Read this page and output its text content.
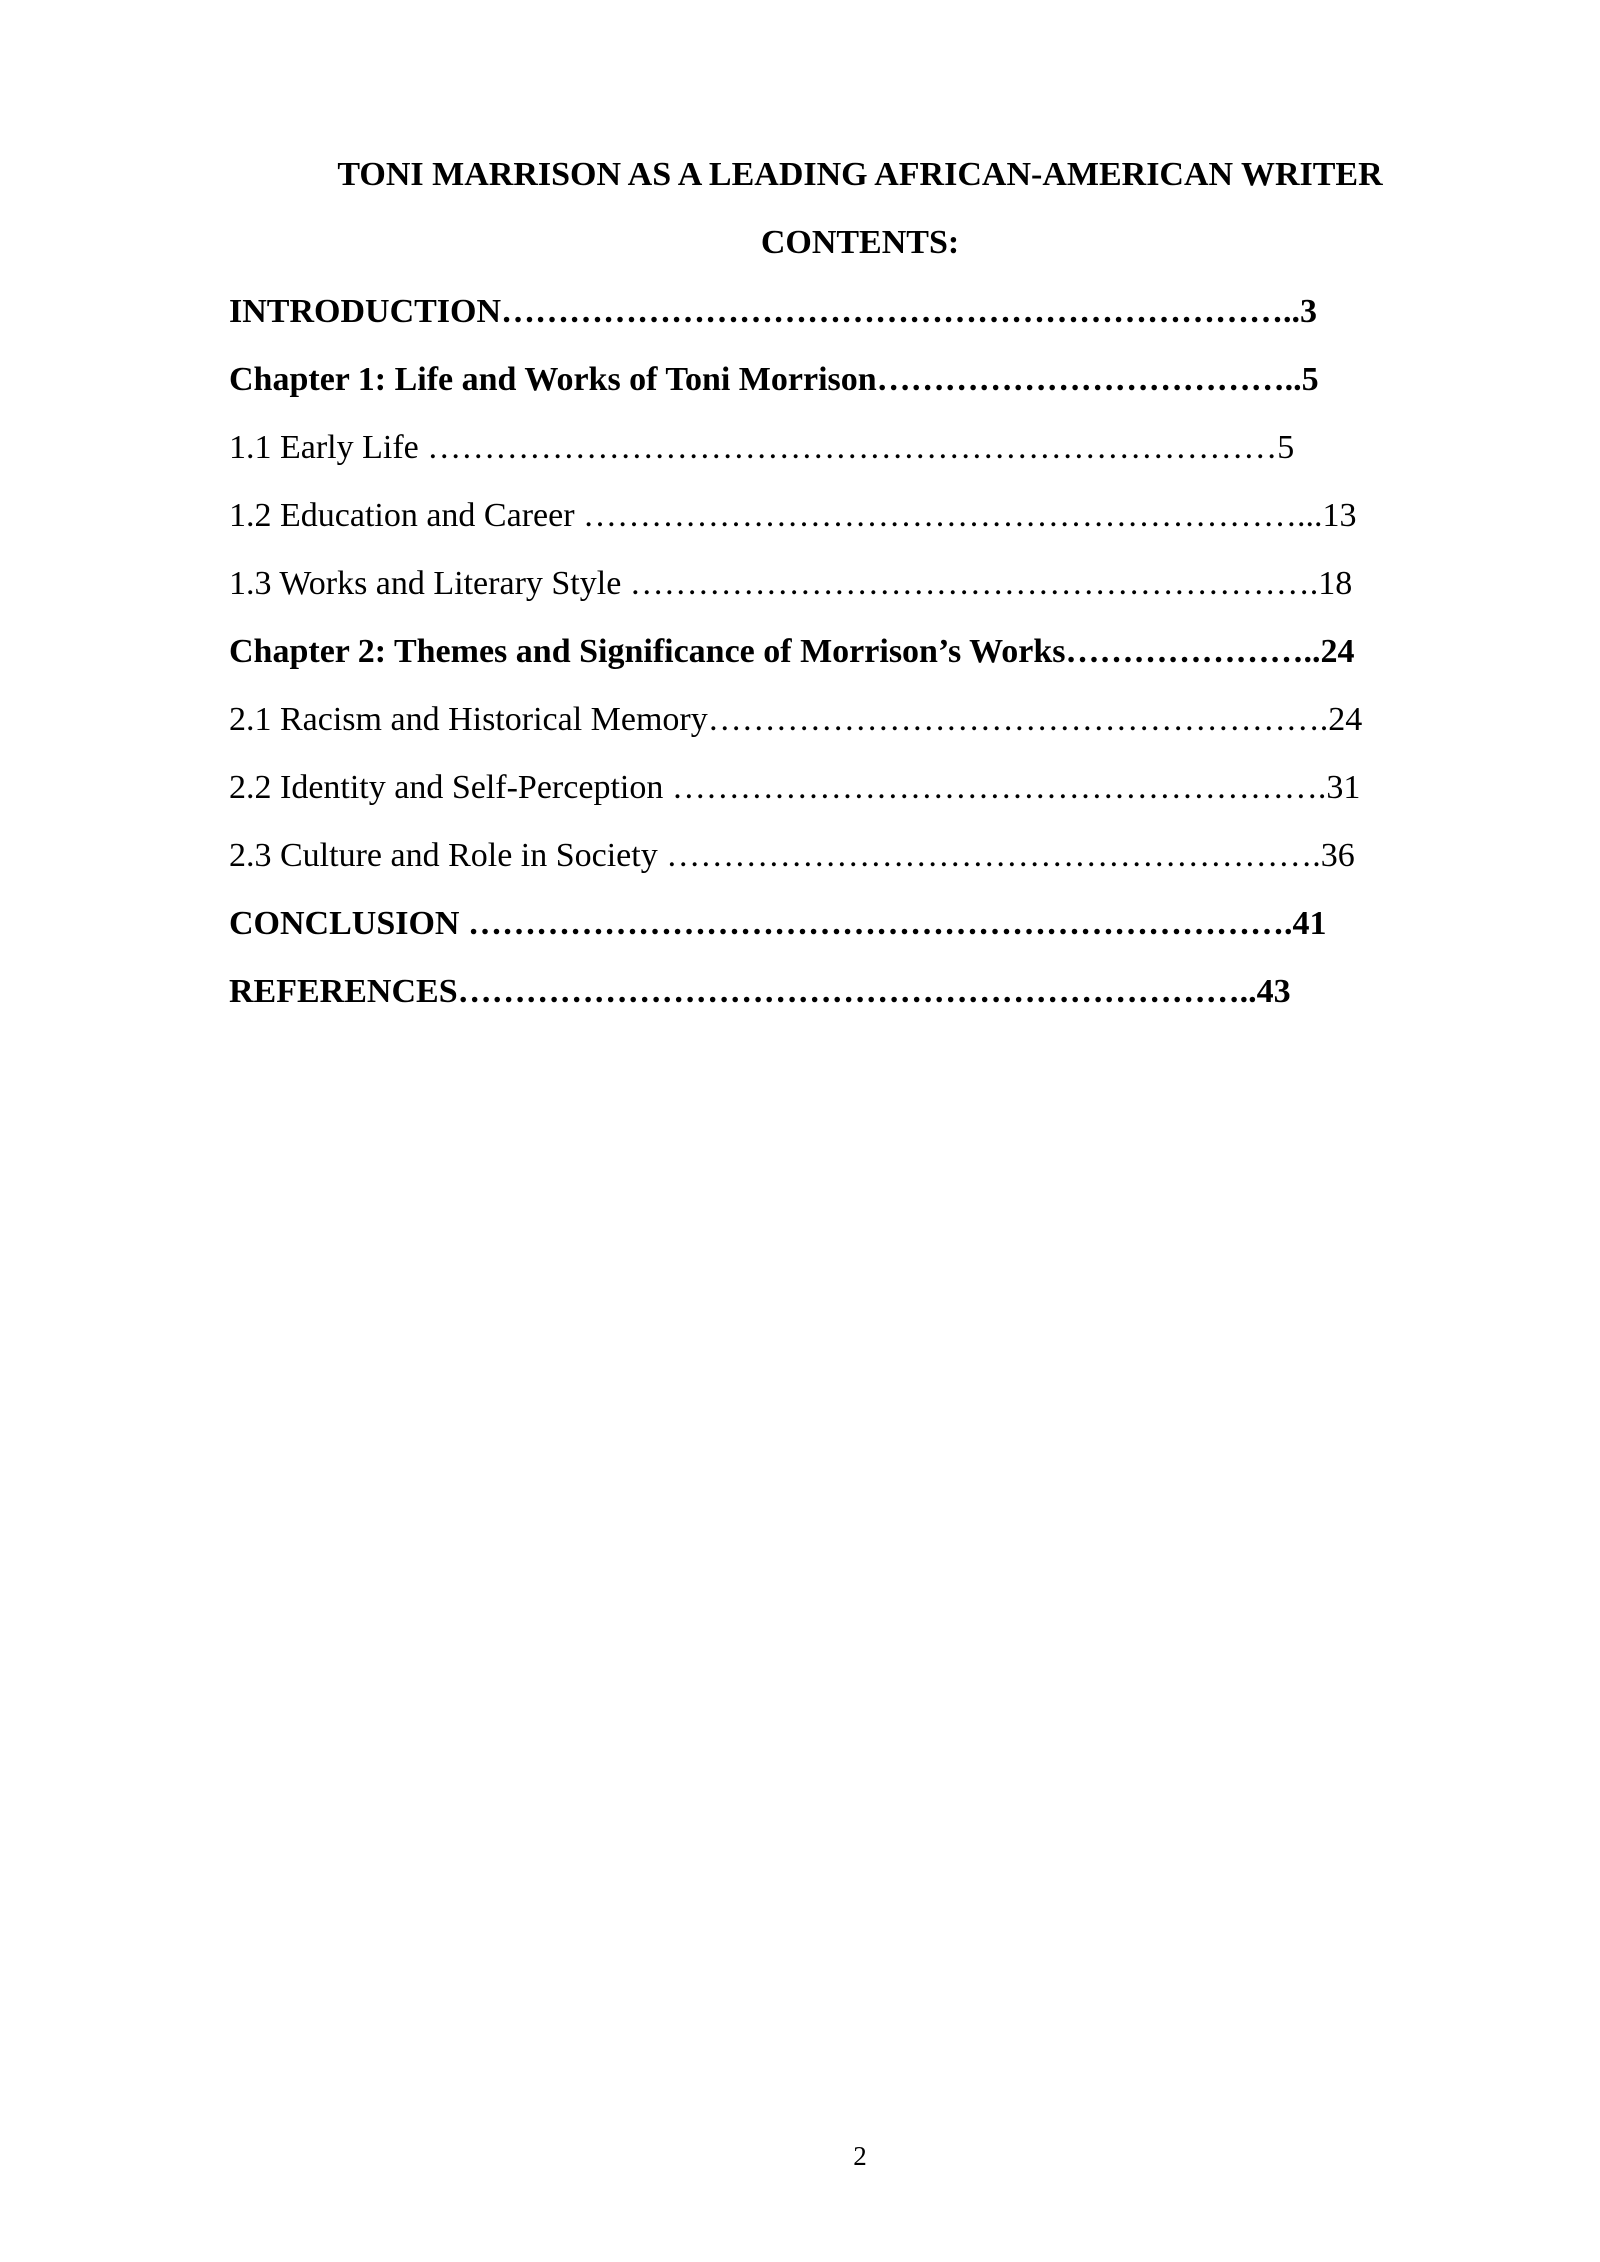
TONI MARRISON AS A LEADING AFRICAN-AMERICAN WRITER
CONTENTS:
INTRODUCTION……………………………………………………………..3
Chapter 1: Life and Works of Toni Morrison………………………………..5
1.1 Early Life …………………………………………………………………5
1.2 Education and Career ………………………………………………………...13
1.3 Works and Literary Style …………………………………………………….18
Chapter 2: Themes and Significance of Morrison’s Works…………………..24
2.1 Racism and Historical Memory……………………………………………….24
2.2 Identity and Self-Perception ………………………………………………….31
2.3 Culture and Role in Society ………………………………………………….36
CONCLUSION ……………………………………………………………….41
REFERENCES……………………………………………………………..43
2
